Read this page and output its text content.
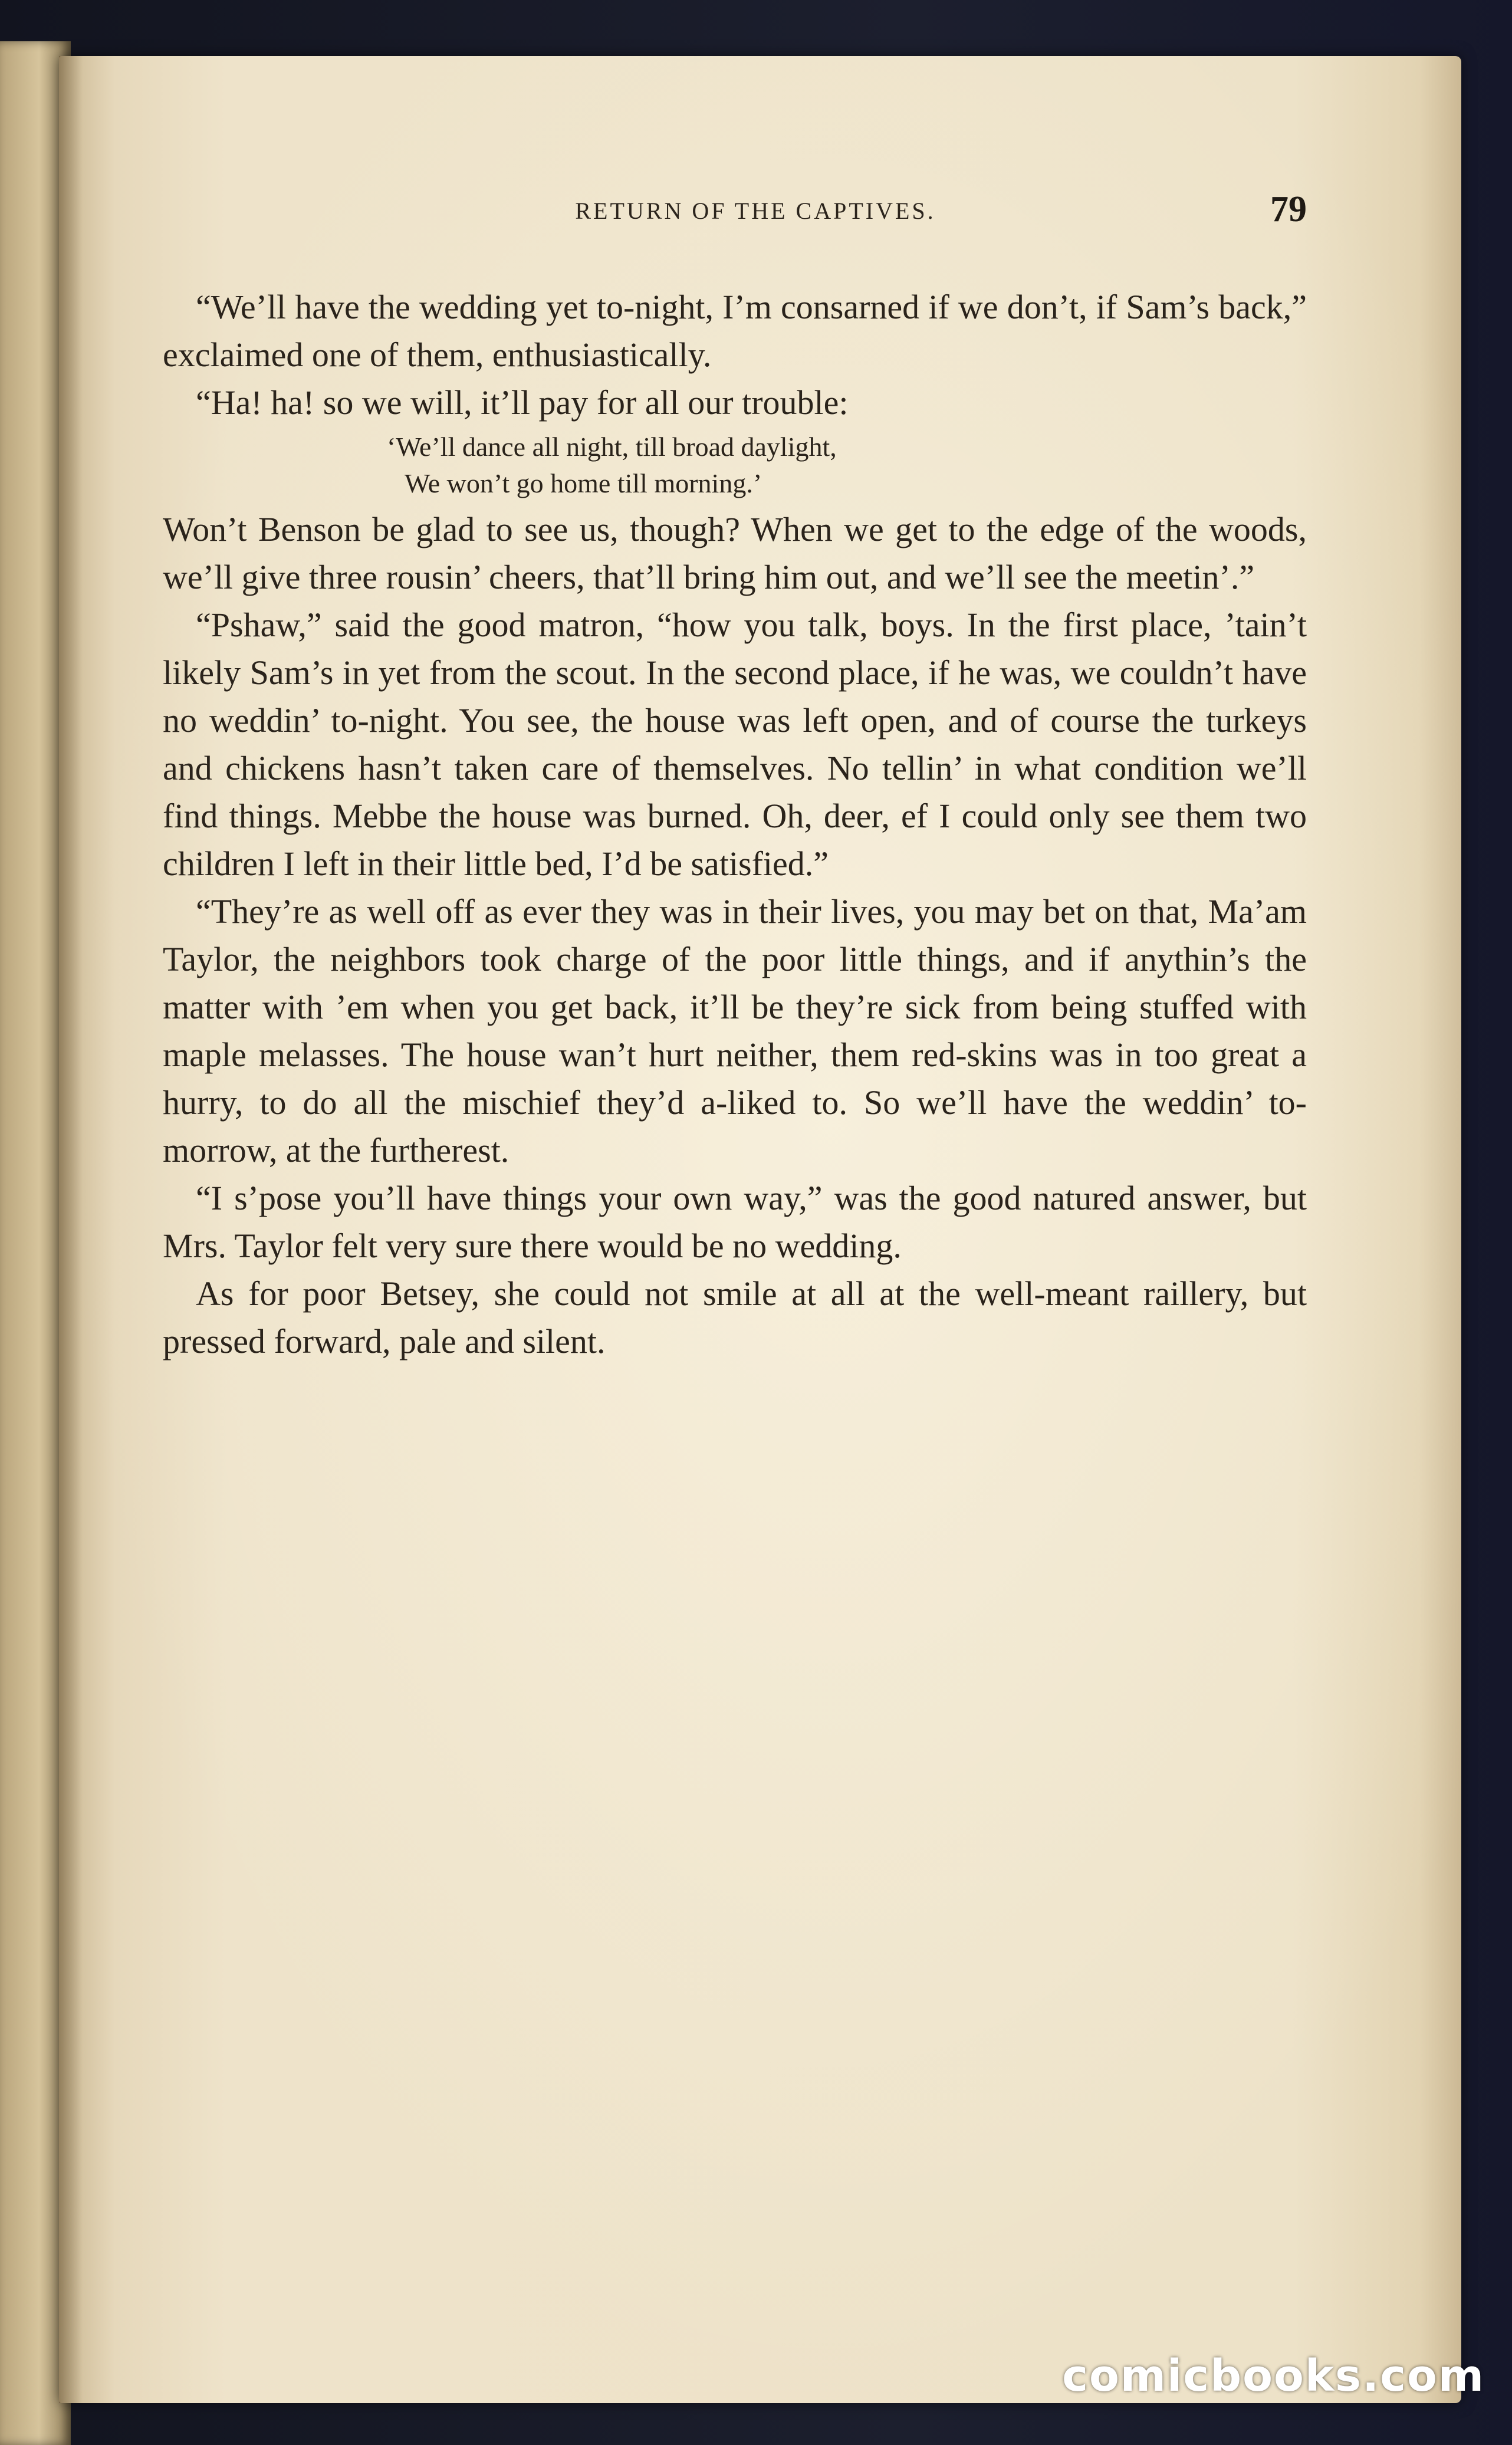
RETURN OF THE CAPTIVES.	79

“We’ll have the wedding yet to-night, I’m consarned if we don’t, if Sam’s back,” exclaimed one of them, enthusiastically.

“Ha! ha! so we will, it’ll pay for all our trouble:

‘We’ll dance all night, till broad daylight,
We won’t go home till morning.’

Won’t Benson be glad to see us, though? When we get to the edge of the woods, we’ll give three rousin’ cheers, that’ll bring him out, and we’ll see the meetin’.”

“Pshaw,” said the good matron, “how you talk, boys. In the first place, ’tain’t likely Sam’s in yet from the scout. In the second place, if he was, we couldn’t have no weddin’ to-night. You see, the house was left open, and of course the turkeys and chickens hasn’t taken care of themselves. No tellin’ in what condition we’ll find things. Mebbe the house was burned. Oh, deer, ef I could only see them two children I left in their little bed, I’d be satisfied.”

“They’re as well off as ever they was in their lives, you may bet on that, Ma’am Taylor, the neighbors took charge of the poor little things, and if anythin’s the matter with ’em when you get back, it’ll be they’re sick from being stuffed with maple melasses. The house wan’t hurt neither, them red-skins was in too great a hurry, to do all the mischief they’d a-liked to. So we’ll have the weddin’ to-morrow, at the furtherest.

“I s’pose you’ll have things your own way,” was the good natured answer, but Mrs. Taylor felt very sure there would be no wedding.

As for poor Betsey, she could not smile at all at the well-meant raillery, but pressed forward, pale and silent.

comicbooks.com
